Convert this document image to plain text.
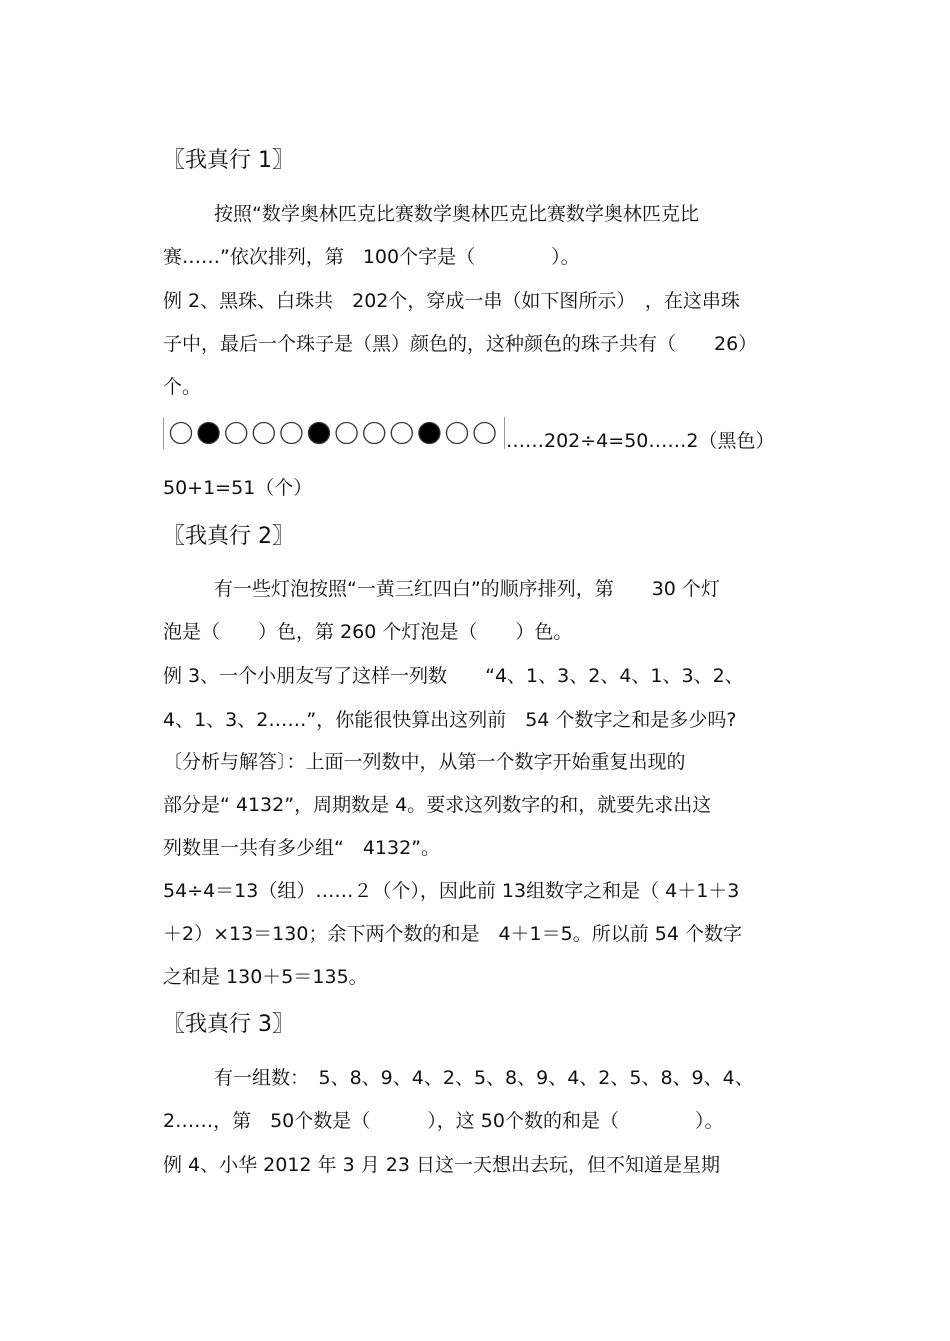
〖我真行 1〗
按照“数学奥林匹克比赛数学奥林匹克比赛数学奥林匹克比
赛……”依次排列，第　100个字是（　　　　）。
例 2、黑珠、白珠共　202个，穿成一串（如下图所示）　，在这串珠
子中，最后一个珠子是（黑）颜色的，这种颜色的珠子共有（　　26）
个。
……202÷4=50……2（黑色）
50+1=51（个）
〖我真行 2〗
有一些灯泡按照“一黄三红四白”的顺序排列，第　　30 个灯
泡是（　　）色，第 260 个灯泡是（　　）色。
例 3、一个小朋友写了这样一列数　　“4、1、3、2、4、1、3、2、
4、1、3、2……”，你能很快算出这列前　54 个数字之和是多少吗?
〔分析与解答〕：上面一列数中，从第一个数字开始重复出现的
部分是“ 4132”，周期数是 4。要求这列数字的和，就要先求出这
列数里一共有多少组“　4132”。
54÷4＝13（组）……２（个），因此前 13组数字之和是（ 4＋1＋3
＋2）×13＝130；余下两个数的和是　4＋1＝5。所以前 54 个数字
之和是 130＋5＝135。
〖我真行 3〗
有一组数：　5、8、9、4、2、5、8、9、4、2、5、8、9、4、
2……，第　50个数是（　　　），这 50个数的和是（　　　　）。
例 4、小华 2012 年 3 月 23 日这一天想出去玩，但不知道是星期
